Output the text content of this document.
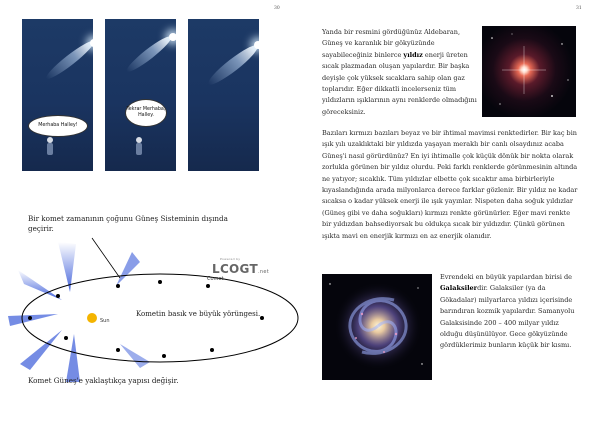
30
Merhaba Halley!
Tekrar Merhaba, Halley.
Bir komet zamanının çoğunu Güneş Sisteminin dışında geçirir.
Sun
Comet
Kometin basık ve büyük yörüngesi.
Powered by
LCOGT.net
Komet Güneş'e yaklaştıkça yapısı değişir.
31
Yanda bir resmini gördüğünüz Aldebaran, Güneş ve karanlık bir gökyüzünde sayabileceğiniz binlerce yıldız enerji üreten sıcak plazmadan oluşan yapılardır. Bir başka deyişle çok yüksek sıcaklara sahip olan gaz toplarıdır. Eğer dikkatli incelerseniz tüm yıldızların ışıklarının aynı renklerde olmadığını göreceksiniz.
Bazıları kırmızı bazıları beyaz ve bir ihtimal mavimsi renktedirler. Bir kaç bin ışık yılı uzaklıktaki bir yıldızda yaşayan meraklı bir canlı olsaydınız acaba Güneş'i nasıl görürdünüz? En iyi ihtimalle çok küçük dönük bir nokta olarak zorlukla görünen bir yıldız olurdu. Peki farklı renklerde görünmesinin altında ne yatıyor; sıcaklık. Tüm yıldızlar elbette çok sıcaktır ama birbirleriyle kıyaslandığında arada milyonlarca derece farklar gözlenir. Bir yıldız ne kadar sıcaksa o kadar yüksek enerji ile ışık yayınlar. Nispeten daha soğuk yıldızlar (Güneş gibi ve daha soğukları) kırmızı renkte görünürler. Eğer mavi renkte bir yıldızdan bahsediyorsak bu oldukça sıcak bir yıldızdır. Çünkü görünen ışıkta mavi en enerjik kırmızı en az enerjik olanıdır.
Evrendeki en büyük yapılardan birisi de Galaksilerdir. Galaksiler (ya da Gökadalar) milyarlarca yıldızı içerisinde barındıran kozmik yapılardır. Samanyolu Galaksisinde 200 – 400 milyar yıldız olduğu düşünülüyor. Gece gökyüzünde gördüklerimiz bunların küçük bir kısmı.
